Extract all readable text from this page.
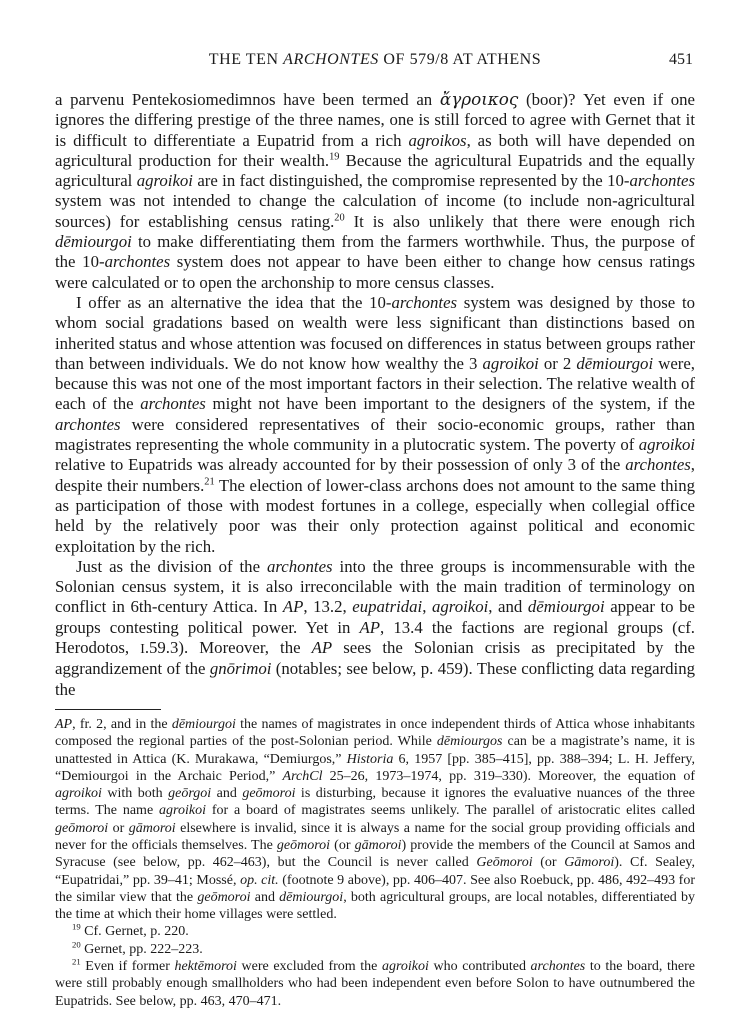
THE TEN ARCHONTES OF 579/8 AT ATHENS	451

a parvenu Pentekosiomedimnos have been termed an ἄγροικος (boor)? Yet even if one ignores the differing prestige of the three names, one is still forced to agree with Gernet that it is difficult to differentiate a Eupatrid from a rich agroikos, as both will have depended on agricultural production for their wealth.$^{19}$ Because the agricultural Eupatrids and the equally agricultural agroikoi are in fact distinguished, the compromise represented by the 10-archontes system was not intended to change the calculation of income (to include non-agricultural sources) for establishing census rating.$^{20}$ It is also unlikely that there were enough rich dēmiourgoi to make differentiating them from the farmers worthwhile. Thus, the purpose of the 10-archontes system does not appear to have been either to change how census ratings were calculated or to open the archonship to more census classes.

I offer as an alternative the idea that the 10-archontes system was designed by those to whom social gradations based on wealth were less significant than distinctions based on inherited status and whose attention was focused on differences in status between groups rather than between individuals. We do not know how wealthy the 3 agroikoi or 2 dēmiourgoi were, because this was not one of the most important factors in their selection. The relative wealth of each of the archontes might not have been important to the designers of the system, if the archontes were considered representatives of their socio-economic groups, rather than magistrates representing the whole community in a plutocratic system. The poverty of agroikoi relative to Eupatrids was already accounted for by their possession of only 3 of the archontes, despite their numbers.$^{21}$ The election of lower-class archons does not amount to the same thing as participation of those with modest fortunes in a college, especially when collegial office held by the relatively poor was their only protection against political and economic exploitation by the rich.

Just as the division of the archontes into the three groups is incommensurable with the Solonian census system, it is also irreconcilable with the main tradition of terminology on conflict in 6th-century Attica. In AP, 13.2, eupatridai, agroikoi, and dēmiourgoi appear to be groups contesting political power. Yet in AP, 13.4 the factions are regional groups (cf. Herodotos, I.59.3). Moreover, the AP sees the Solonian crisis as precipitated by the aggrandizement of the gnōrimoi (notables; see below, p. 459). These conflicting data regarding the

AP, fr. 2, and in the dēmiourgoi the names of magistrates in once independent thirds of Attica whose inhabitants composed the regional parties of the post-Solonian period. While dēmiourgos can be a magistrate’s name, it is unattested in Attica (K. Murakawa, “Demiurgos,” Historia 6, 1957 [pp. 385–415], pp. 388–394; L. H. Jeffery, “Demiourgoi in the Archaic Period,” ArchCl 25–26, 1973–1974, pp. 319–330). Moreover, the equation of agroikoi with both geōrgoi and geōmoroi is disturbing, because it ignores the evaluative nuances of the three terms. The name agroikoi for a board of magistrates seems unlikely. The parallel of aristocratic elites called geōmoroi or gāmoroi elsewhere is invalid, since it is always a name for the social group providing officials and never for the officials themselves. The geōmoroi (or gāmoroi) provide the members of the Council at Samos and Syracuse (see below, pp. 462–463), but the Council is never called Geōmoroi (or Gāmoroi). Cf. Sealey, “Eupatridai,” pp. 39–41; Mossé, op. cit. (footnote 9 above), pp. 406–407. See also Roebuck, pp. 486, 492–493 for the similar view that the geōmoroi and dēmiourgoi, both agricultural groups, are local notables, differentiated by the time at which their home villages were settled.

$^{19}$ Cf. Gernet, p. 220.

$^{20}$ Gernet, pp. 222–223.

$^{21}$ Even if former hektēmoroi were excluded from the agroikoi who contributed archontes to the board, there were still probably enough smallholders who had been independent even before Solon to have outnumbered the Eupatrids. See below, pp. 463, 470–471.
